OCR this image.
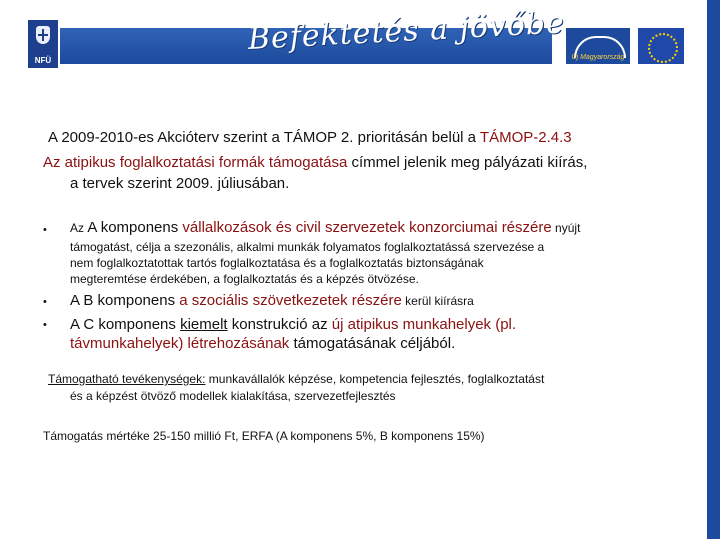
NFÜ
Befektetés a jövőbe
Új Magyarország
A 2009-2010-es Akcióterv szerint a TÁMOP 2. prioritásán belül a TÁMOP-2.4.3
Az atipikus foglalkoztatási formák támogatása címmel jelenik meg pályázati kiírás,
a tervek szerint 2009. júliusában.
• Az A komponens vállalkozások és civil szervezetek konzorciumai részére nyújt
támogatást, célja a szezonális, alkalmi munkák folyamatos foglalkoztatássá szervezése a
nem foglalkoztatottak tartós foglalkoztatása és a foglalkoztatás biztonságának
megteremtése érdekében, a foglalkoztatás és a képzés ötvözése.
• A B komponens a szociális szövetkezetek részére kerül kiírásra
• A C komponens kiemelt konstrukció az új atipikus munkahelyek (pl.
távmunkahelyek) létrehozásának támogatásának céljából.
Támogatható tevékenységek: munkavállalók képzése, kompetencia fejlesztés, foglalkoztatást
és a képzést ötvöző modellek kialakítása, szervezetfejlesztés
Támogatás mértéke 25-150 millió Ft, ERFA (A komponens 5%, B komponens 15%)
